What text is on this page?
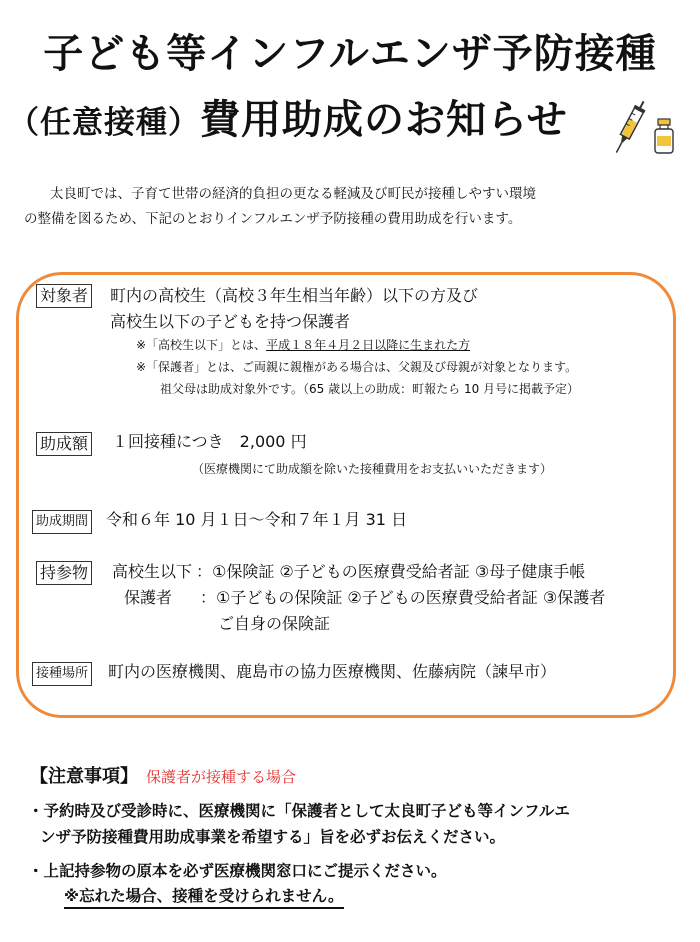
子ども等インフルエンザ予防接種
（任意接種）費用助成のお知らせ

太良町では、子育て世帯の経済的負担の更なる軽減及び町民が接種しやすい環境

の整備を図るため、下記のとおりインフルエンザ予防接種の費用助成を行います。

対象者 町内の高校生（高校３年生相当年齢）以下の方及び
高校生以下の子どもを持つ保護者
※「高校生以下」とは、平成１８年４月２日以降に生まれた方
※「保護者」とは、ご両親に親権がある場合は、父親及び母親が対象となります。
祖父母は助成対象外です。（65 歳以上の助成：町報たら 10 月号に掲載予定）
助成額 １回接種につき　2,000 円
（医療機関にて助成額を除いた接種費用をお支払いいただきます）
助成期間 令和６年 10 月１日～令和７年１月 31 日
持参物 高校生以下 ：①保険証 ②子どもの医療費受給者証 ③母子健康手帳
保護者 ：①子どもの保険証 ②子どもの医療費受給者証 ③保護者
ご自身の保険証
接種場所 町内の医療機関、鹿島市の協力医療機関、佐藤病院（諫早市）
【注意事項】 保護者が接種する場合
・予約時及び受診時に、医療機関に「保護者として太良町子ども等インフルエ
ンザ予防接種費用助成事業を希望する」旨を必ずお伝えください。
・上記持参物の原本を必ず医療機関窓口にご提示ください。
※忘れた場合、接種を受けられません。
